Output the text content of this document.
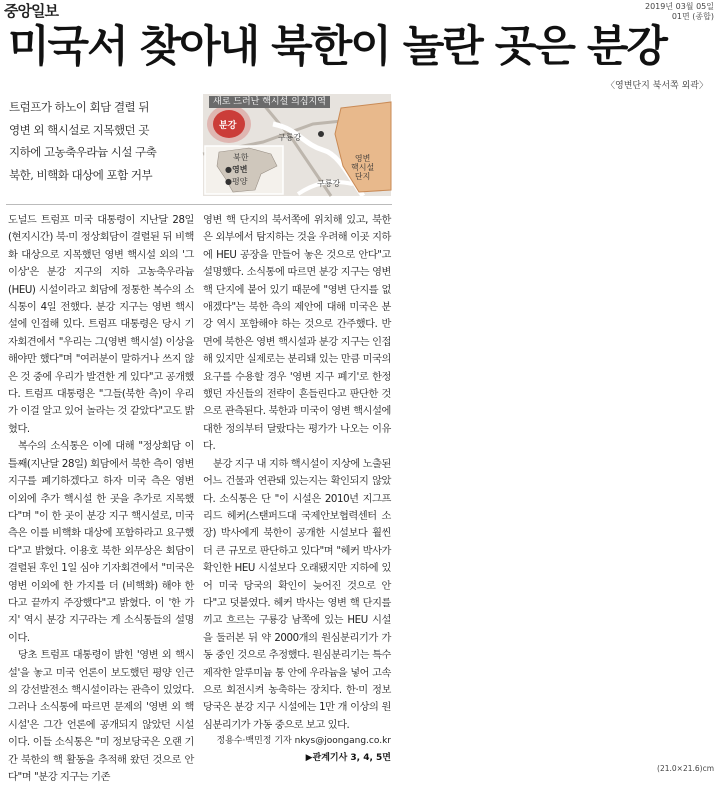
중앙일보	2019년 03월 05일
01면 (종합)
미국서 찾아내 북한이 놀란 곳은 분강
〈영변단지 북서쪽 외곽〉

트럼프가 하노이 회담 결렬 뒤

영변 외 핵시설로 지목했던 곳

지하에 고농축우라늄 시설 구축

북한, 비핵화 대상에 포함 거부

새로 드러난 핵시설 의심지역
분강
구룡강
구룡강
영변
핵시설
단지
북한
●영변
●평양

도널드 트럼프 미국 대통령이 지난달 28일(현지시간) 북·미 정상회담이 결렬된 뒤 비핵화 대상으로 지목했던 영변 핵시설 외의 '그 이상'은 분강 지구의 지하 고농축우라늄(HEU) 시설이라고 회담에 정통한 복수의 소식통이 4일 전했다. 분강 지구는 영변 핵시설에 인접해 있다. 트럼프 대통령은 당시 기자회견에서 "우리는 그(영변 핵시설) 이상을 해야만 했다"며 "여러분이 말하거나 쓰지 않은 것 중에 우리가 발견한 게 있다"고 공개했다. 트럼프 대통령은 "그들(북한 측)이 우리가 이걸 알고 있어 놀라는 것 같았다"고도 밝혔다.

복수의 소식통은 이에 대해 "정상회담 이틀째(지난달 28일) 회담에서 북한 측이 영변 지구를 폐기하겠다고 하자 미국 측은 영변 이외에 추가 핵시설 한 곳을 추가로 지목했다"며 "이 한 곳이 분강 지구 핵시설로, 미국 측은 이를 비핵화 대상에 포함하라고 요구했다"고 밝혔다. 이용호 북한 외무상은 회담이 결렬된 후인 1일 심야 기자회견에서 "미국은 영변 이외에 한 가지를 더 (비핵화) 해야 한다고 끝까지 주장했다"고 밝혔다. 이 '한 가지' 역시 분강 지구라는 게 소식통들의 설명이다.

당초 트럼프 대통령이 밝힌 '영변 외 핵시설'을 놓고 미국 언론이 보도했던 평양 인근의 강선발전소 핵시설이라는 관측이 있었다. 그러나 소식통에 따르면 문제의 '영변 외 핵시설'은 그간 언론에 공개되지 않았던 시설이다. 이들 소식통은 "미 정보당국은 오랜 기간 북한의 핵 활동을 추적해 왔던 것으로 안다"며 "분강 지구는 기존

영변 핵 단지의 북서쪽에 위치해 있고, 북한은 외부에서 탐지하는 것을 우려해 이곳 지하에 HEU 공장을 만들어 놓은 것으로 안다"고 설명했다. 소식통에 따르면 분강 지구는 영변 핵 단지에 붙어 있기 때문에 "영변 단지를 없애겠다"는 북한 측의 제안에 대해 미국은 분강 역시 포함해야 하는 것으로 간주했다. 반면에 북한은 영변 핵시설과 분강 지구는 인접해 있지만 실제로는 분리돼 있는 만큼 미국의 요구를 수용할 경우 '영변 지구 폐기'로 한정했던 자신들의 전략이 흔들린다고 판단한 것으로 관측된다. 북한과 미국이 영변 핵시설에 대한 정의부터 달랐다는 평가가 나오는 이유다.

분강 지구 내 지하 핵시설이 지상에 노출된 어느 건물과 연관돼 있는지는 확인되지 않았다. 소식통은 단 "이 시설은 2010년 지그프리드 헤커(스탠퍼드대 국제안보협력센터 소장) 박사에게 북한이 공개한 시설보다 훨씬 더 큰 규모로 판단하고 있다"며 "헤커 박사가 확인한 HEU 시설보다 오래됐지만 지하에 있어 미국 당국의 확인이 늦어진 것으로 안다"고 덧붙였다. 헤커 박사는 영변 핵 단지를 끼고 흐르는 구룡강 남쪽에 있는 HEU 시설을 둘러본 뒤 약 2000개의 원심분리기가 가동 중인 것으로 추정했다. 원심분리기는 특수 제작한 알루미늄 통 안에 우라늄을 넣어 고속으로 회전시켜 농축하는 장치다. 한·미 정보당국은 분강 지구 시설에는 1만 개 이상의 원심분리기가 가동 중으로 보고 있다.

정용수·백민정 기자 nkys@joongang.co.kr
▶관계기사 3, 4, 5면
(21.0×21.6)cm
